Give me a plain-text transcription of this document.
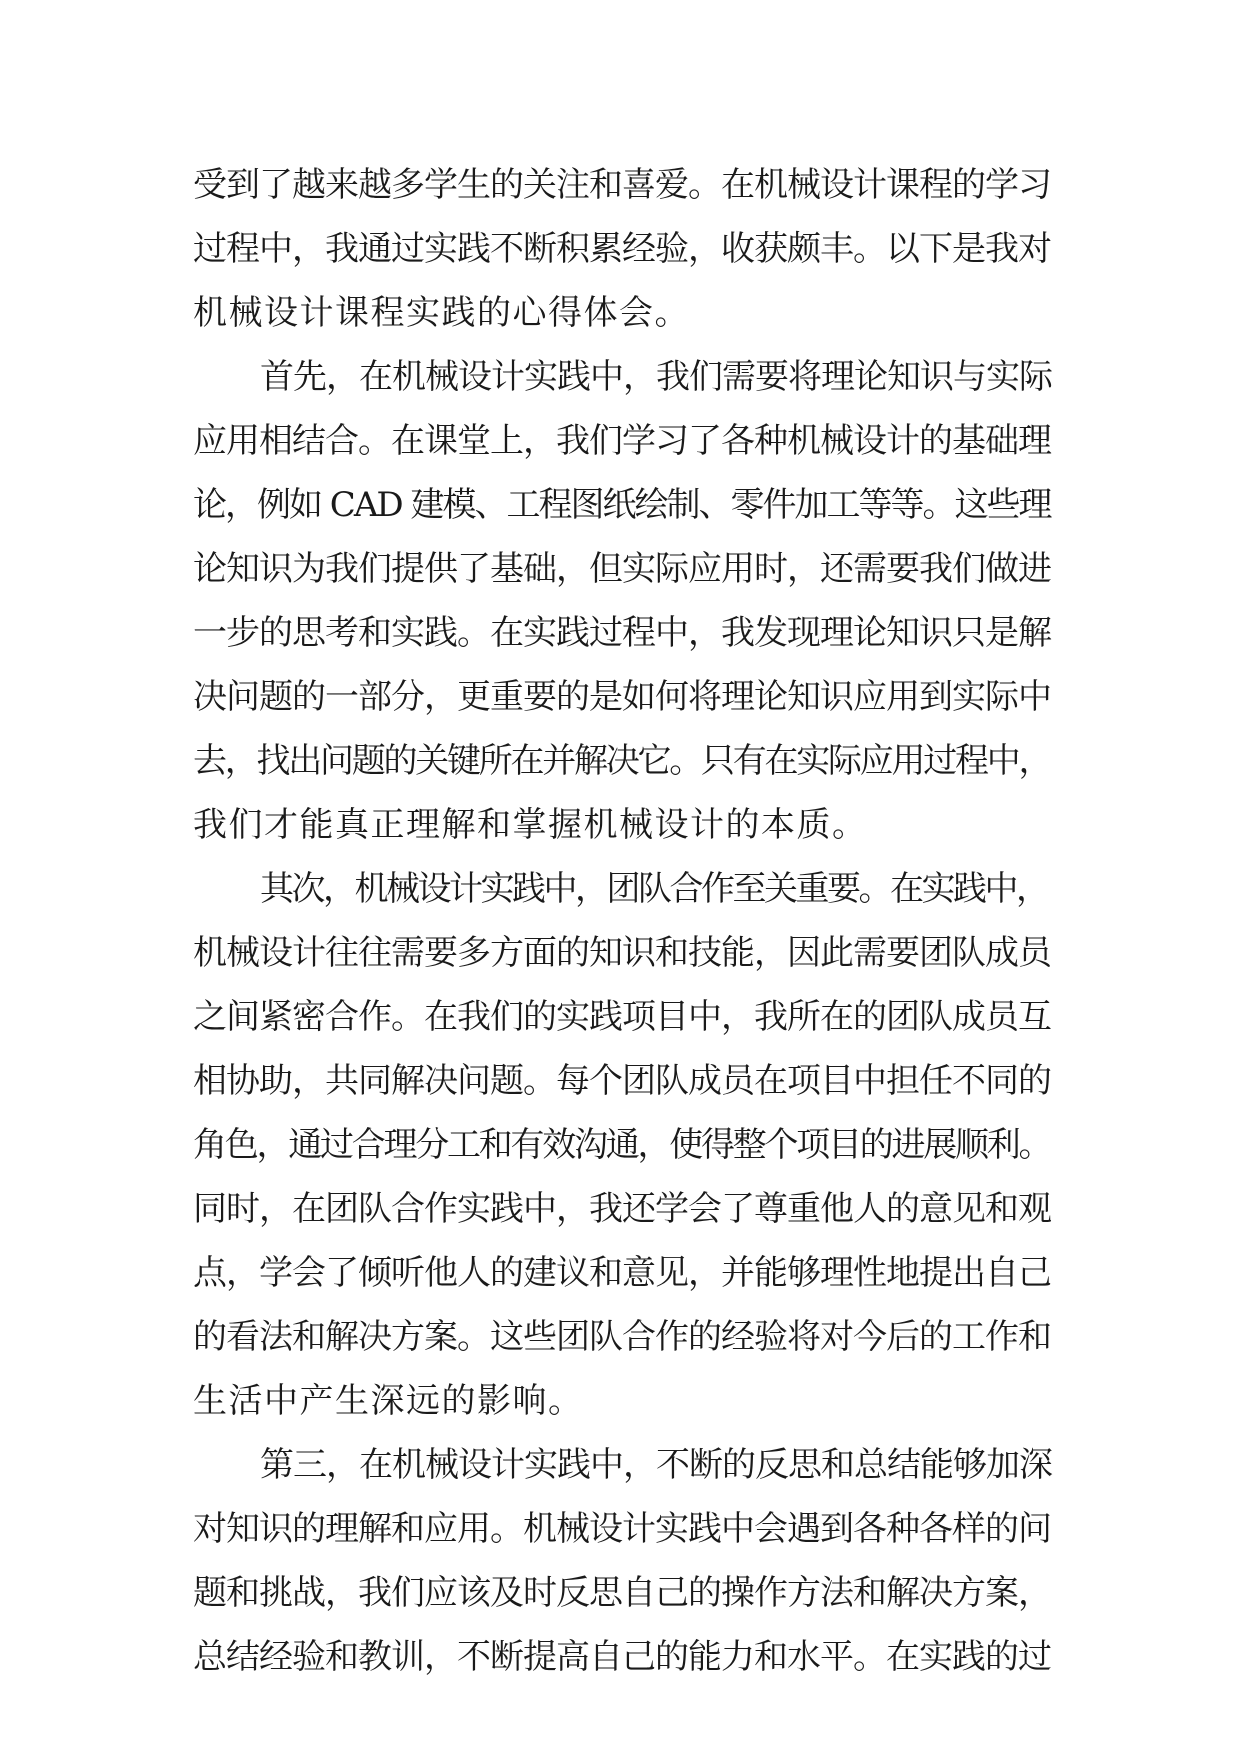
受到了越来越多学生的关注和喜爱。在机械设计课程的学习
过程中，我通过实践不断积累经验，收获颇丰。以下是我对
机械设计课程实践的心得体会。
首先，在机械设计实践中，我们需要将理论知识与实际
应用相结合。在课堂上，我们学习了各种机械设计的基础理
论，例如 CAD 建模、工程图纸绘制、零件加工等等。这些理
论知识为我们提供了基础，但实际应用时，还需要我们做进
一步的思考和实践。在实践过程中，我发现理论知识只是解
决问题的一部分，更重要的是如何将理论知识应用到实际中
去，找出问题的关键所在并解决它。只有在实际应用过程中，
我们才能真正理解和掌握机械设计的本质。
其次，机械设计实践中，团队合作至关重要。在实践中，
机械设计往往需要多方面的知识和技能，因此需要团队成员
之间紧密合作。在我们的实践项目中，我所在的团队成员互
相协助，共同解决问题。每个团队成员在项目中担任不同的
角色，通过合理分工和有效沟通，使得整个项目的进展顺利。
同时，在团队合作实践中，我还学会了尊重他人的意见和观
点，学会了倾听他人的建议和意见，并能够理性地提出自己
的看法和解决方案。这些团队合作的经验将对今后的工作和
生活中产生深远的影响。
第三，在机械设计实践中，不断的反思和总结能够加深
对知识的理解和应用。机械设计实践中会遇到各种各样的问
题和挑战，我们应该及时反思自己的操作方法和解决方案，
总结经验和教训，不断提高自己的能力和水平。在实践的过
